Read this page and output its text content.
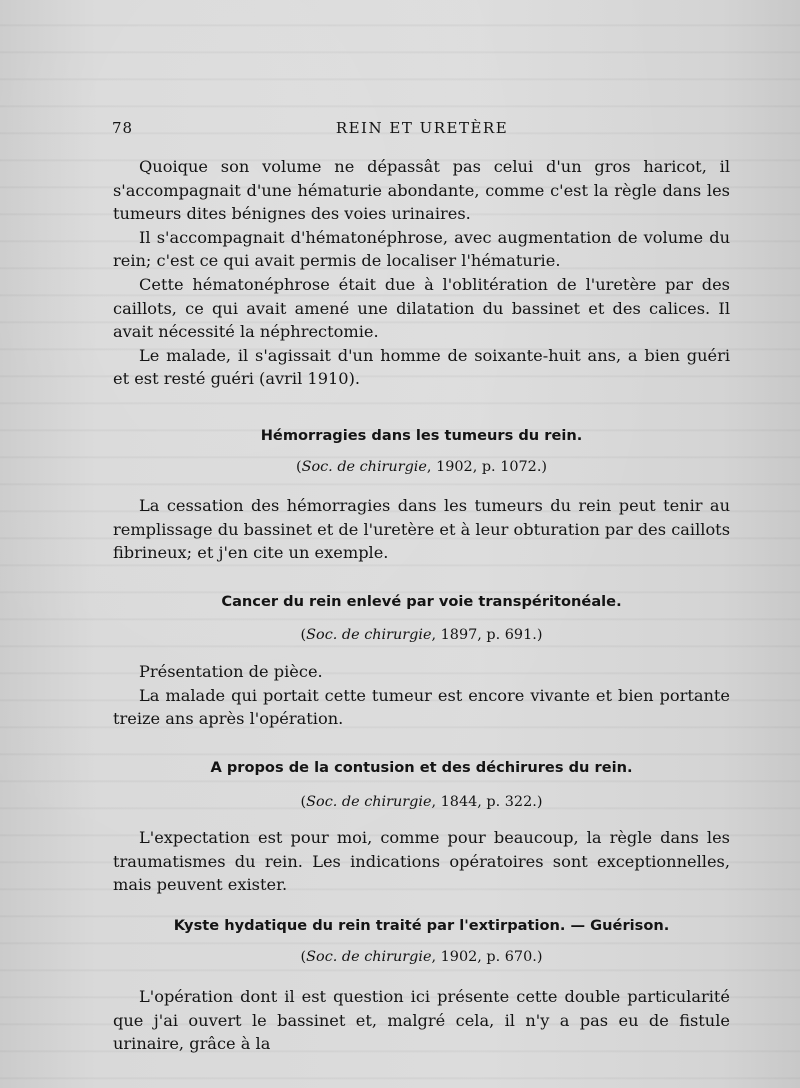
78	REIN ET URETÈRE

Quoique son volume ne dépassât pas celui d'un gros haricot, il s'accompagnait d'une hématurie abondante, comme c'est la règle dans les tumeurs dites bénignes des voies urinaires.

Il s'accompagnait d'hématonéphrose, avec augmentation de volume du rein; c'est ce qui avait permis de localiser l'hématurie.

Cette hématonéphrose était due à l'oblitération de l'uretère par des caillots, ce qui avait amené une dilatation du bassinet et des calices. Il avait nécessité la néphrectomie.

Le malade, il s'agissait d'un homme de soixante-huit ans, a bien guéri et est resté guéri (avril 1910).

Hémorragies dans les tumeurs du rein.
(Soc. de chirurgie, 1902, p. 1072.)

La cessation des hémorragies dans les tumeurs du rein peut tenir au remplissage du bassinet et de l'uretère et à leur obturation par des caillots fibrineux; et j'en cite un exemple.

Cancer du rein enlevé par voie transpéritonéale.
(Soc. de chirurgie, 1897, p. 691.)

Présentation de pièce.

La malade qui portait cette tumeur est encore vivante et bien portante treize ans après l'opération.

A propos de la contusion et des déchirures du rein.
(Soc. de chirurgie, 1844, p. 322.)

L'expectation est pour moi, comme pour beaucoup, la règle dans les traumatismes du rein. Les indications opératoires sont exceptionnelles, mais peuvent exister.

Kyste hydatique du rein traité par l'extirpation. — Guérison.
(Soc. de chirurgie, 1902, p. 670.)

L'opération dont il est question ici présente cette double particularité que j'ai ouvert le bassinet et, malgré cela, il n'y a pas eu de fistule urinaire, grâce à la
